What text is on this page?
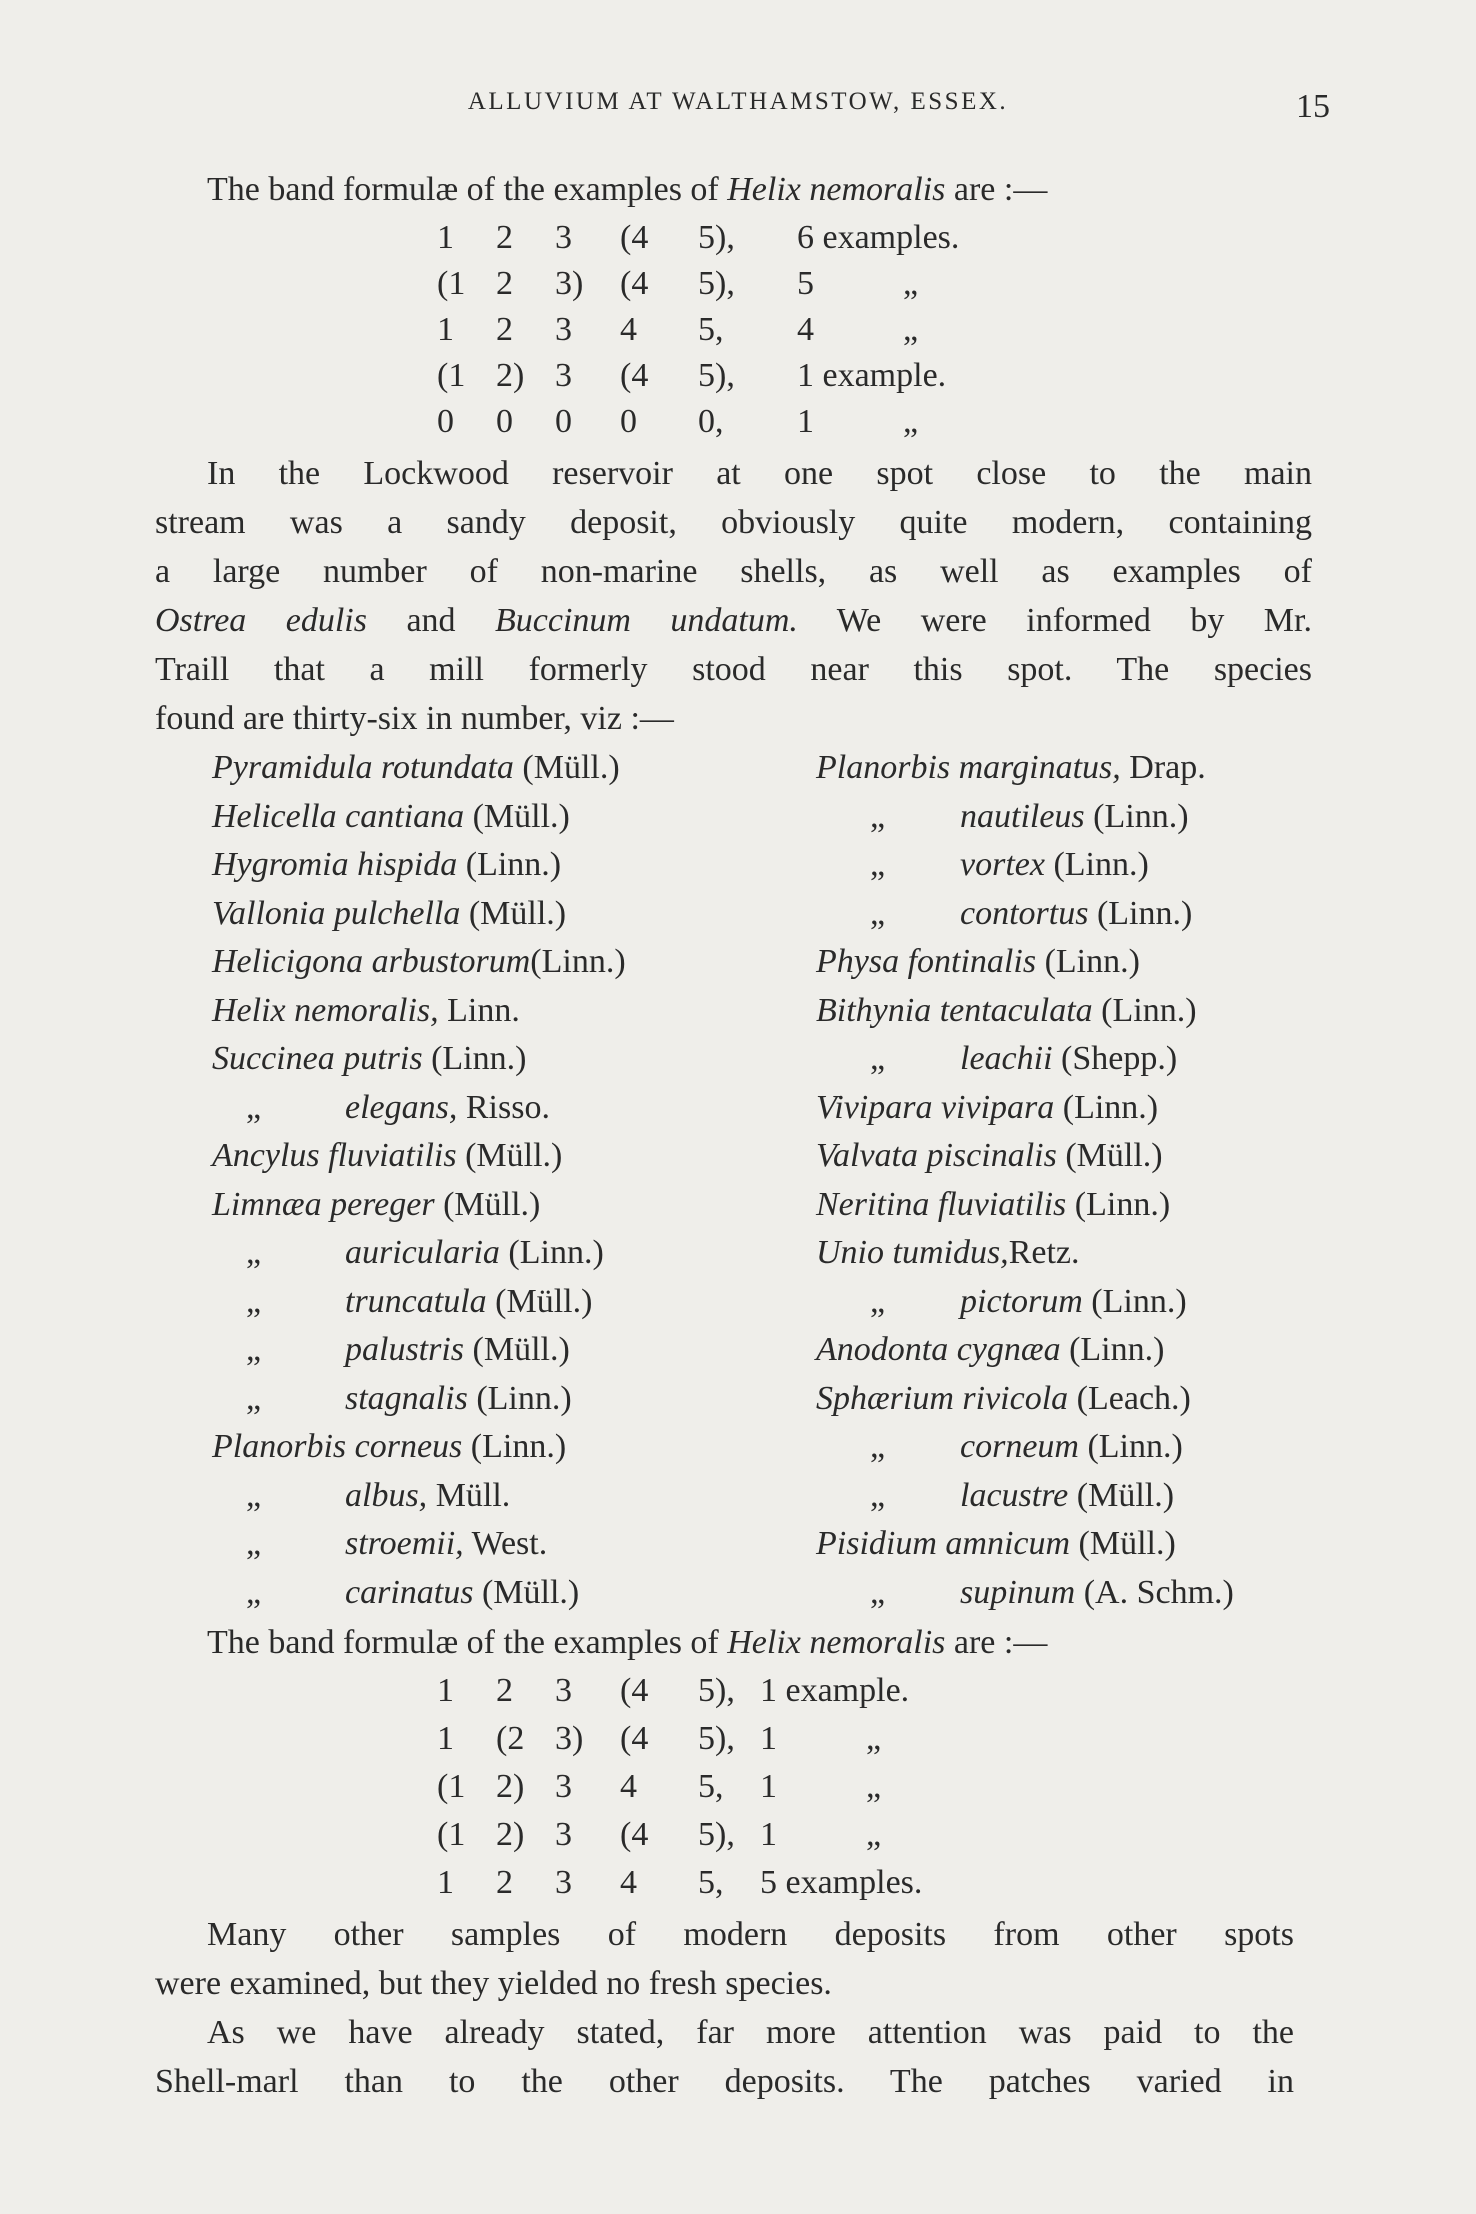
ALLUVIUM AT WALTHAMSTOW, ESSEX.	15
The band formulæ of the examples of Helix nemoralis are :—
1 2 3 (4 5), 6 examples.
(1 2 3) (4 5), 5	„
1 2 3 4 5, 4	„
(1 2) 3 (4 5), 1 example.
0 0 0 0 0, 1	„
In the Lockwood reservoir at one spot close to the main
stream was a sandy deposit, obviously quite modern, containing
a large number of non-marine shells, as well as examples of
Ostrea edulis and Buccinum undatum. We were informed by Mr.
Traill that a mill formerly stood near this spot. The species
found are thirty-six in number, viz :—
Pyramidula rotundata (Müll.)
Helicella cantiana (Müll.)
Hygromia hispida (Linn.)
Vallonia pulchella (Müll.)
Helicigona arbustorum(Linn.)
Helix nemoralis, Linn.
Succinea putris (Linn.)
„ elegans, Risso.
Ancylus fluviatilis (Müll.)
Limnæa pereger (Müll.)
„ auricularia (Linn.)
„ truncatula (Müll.)
„ palustris (Müll.)
„ stagnalis (Linn.)
Planorbis corneus (Linn.)
„ albus, Müll.
„ stroemii, West.
„ carinatus (Müll.)
Planorbis marginatus, Drap.
„ nautileus (Linn.)
„ vortex (Linn.)
„ contortus (Linn.)
Physa fontinalis (Linn.)
Bithynia tentaculata (Linn.)
„ leachii (Shepp.)
Vivipara vivipara (Linn.)
Valvata piscinalis (Müll.)
Neritina fluviatilis (Linn.)
Unio tumidus,Retz.
„ pictorum (Linn.)
Anodonta cygnæa (Linn.)
Sphærium rivicola (Leach.)
„ corneum (Linn.)
„ lacustre (Müll.)
Pisidium amnicum (Müll.)
„ supinum (A. Schm.)
The band formulæ of the examples of Helix nemoralis are :—
1 2 3 (4 5), 1 example.
1 (2 3) (4 5), 1	„
(1 2) 3 4 5, 1	„
(1 2) 3 (4 5), 1	„
1 2 3 4 5, 5 examples.
Many other samples of modern deposits from other spots
were examined, but they yielded no fresh species.
As we have already stated, far more attention was paid to the
Shell-marl than to the other deposits. The patches varied in
